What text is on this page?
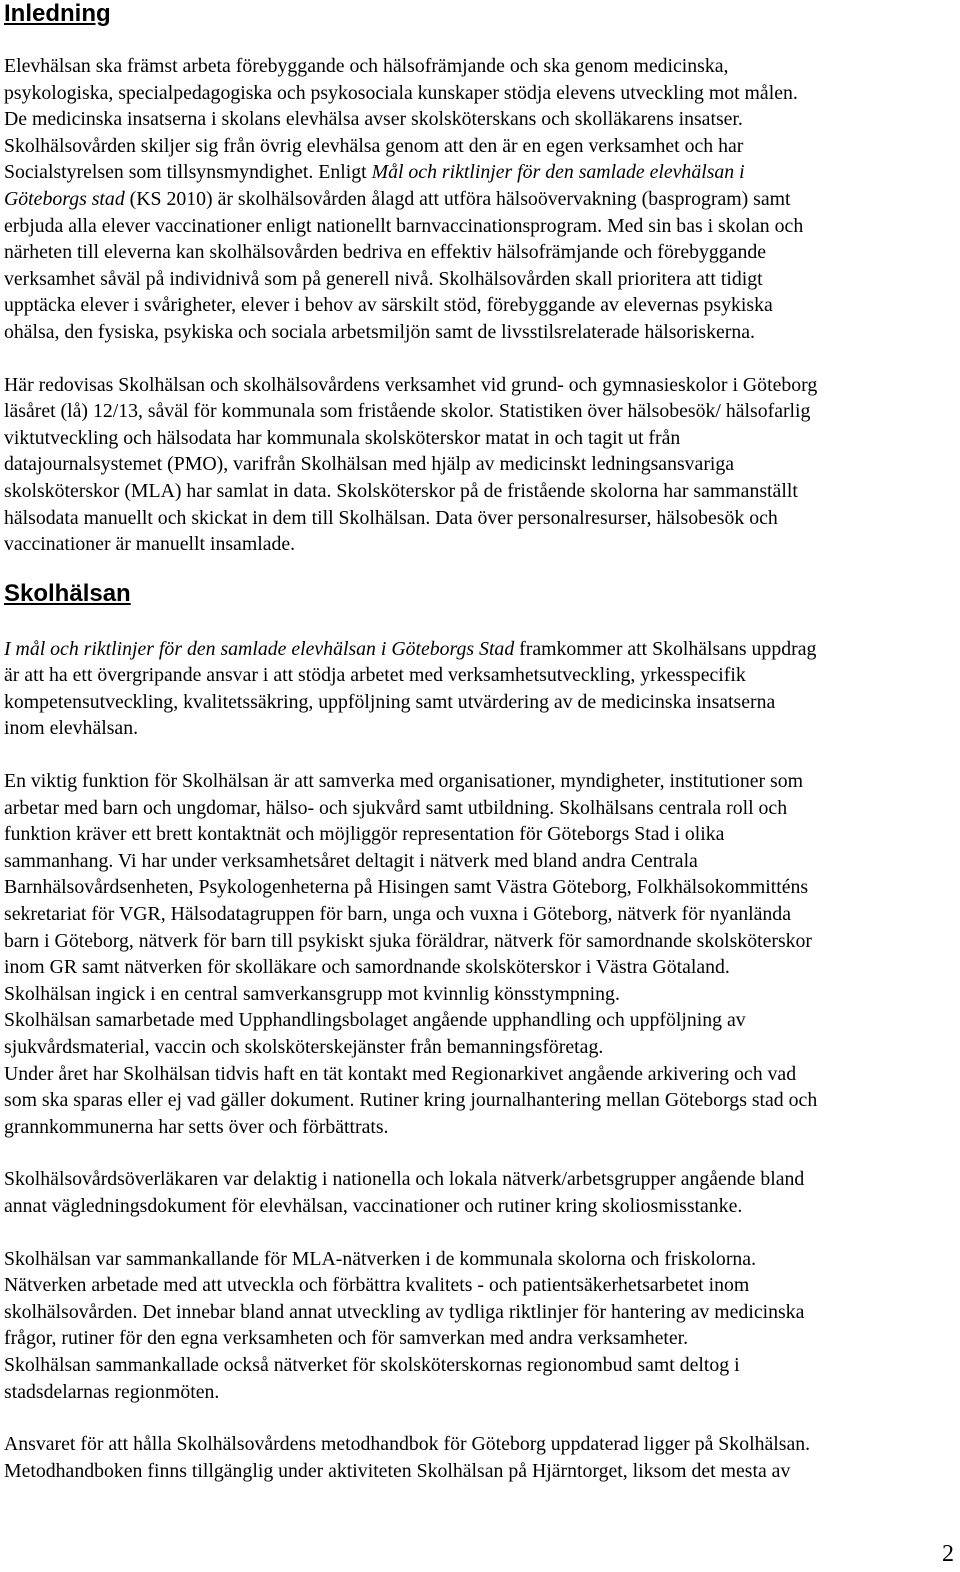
Inledning

Elevhälsan ska främst arbeta förebyggande och hälsofrämjande och ska genom medicinska,
psykologiska, specialpedagogiska och psykosociala kunskaper stödja elevens utveckling mot målen.
De medicinska insatserna i skolans elevhälsa avser skolsköterskans och skolläkarens insatser.
Skolhälsovården skiljer sig från övrig elevhälsa genom att den är en egen verksamhet och har
Socialstyrelsen som tillsynsmyndighet. Enligt Mål och riktlinjer för den samlade elevhälsan i
Göteborgs stad (KS 2010) är skolhälsovården ålagd att utföra hälsoövervakning (basprogram) samt
erbjuda alla elever vaccinationer enligt nationellt barnvaccinationsprogram. Med sin bas i skolan och
närheten till eleverna kan skolhälsovården bedriva en effektiv hälsofrämjande och förebyggande
verksamhet såväl på individnivå som på generell nivå. Skolhälsovården skall prioritera att tidigt
upptäcka elever i svårigheter, elever i behov av särskilt stöd, förebyggande av elevernas psykiska
ohälsa, den fysiska, psykiska och sociala arbetsmiljön samt de livsstilsrelaterade hälsoriskerna.

Här redovisas Skolhälsan och skolhälsovårdens verksamhet vid grund- och gymnasieskolor i Göteborg
läsåret (lå) 12/13, såväl för kommunala som fristående skolor. Statistiken över hälsobesök/ hälsofarlig
viktutveckling och hälsodata har kommunala skolsköterskor matat in och tagit ut från
datajournalsystemet (PMO), varifrån Skolhälsan med hjälp av medicinskt ledningsansvariga
skolsköterskor (MLA) har samlat in data. Skolsköterskor på de fristående skolorna har sammanställt
hälsodata manuellt och skickat in dem till Skolhälsan. Data över personalresurser, hälsobesök och
vaccinationer är manuellt insamlade.

Skolhälsan

I mål och riktlinjer för den samlade elevhälsan i Göteborgs Stad framkommer att Skolhälsans uppdrag
är att ha ett övergripande ansvar i att stödja arbetet med verksamhetsutveckling, yrkesspecifik
kompetensutveckling, kvalitetssäkring, uppföljning samt utvärdering av de medicinska insatserna
inom elevhälsan.

En viktig funktion för Skolhälsan är att samverka med organisationer, myndigheter, institutioner som
arbetar med barn och ungdomar, hälso- och sjukvård samt utbildning. Skolhälsans centrala roll och
funktion kräver ett brett kontaktnät och möjliggör representation för Göteborgs Stad i olika
sammanhang. Vi har under verksamhetsåret deltagit i nätverk med bland andra Centrala
Barnhälsovårdsenheten, Psykologenheterna på Hisingen samt Västra Göteborg, Folkhälsokommitténs
sekretariat för VGR, Hälsodatagruppen för barn, unga och vuxna i Göteborg, nätverk för nyanlända
barn i Göteborg, nätverk för barn till psykiskt sjuka föräldrar, nätverk för samordnande skolsköterskor
inom GR samt nätverken för skolläkare och samordnande skolsköterskor i Västra Götaland.
Skolhälsan ingick i en central samverkansgrupp mot kvinnlig könsstympning.
Skolhälsan samarbetade med Upphandlingsbolaget angående upphandling och uppföljning av
sjukvårdsmaterial, vaccin och skolsköterskejänster från bemanningsföretag.
Under året har Skolhälsan tidvis haft en tät kontakt med Regionarkivet angående arkivering och vad
som ska sparas eller ej vad gäller dokument. Rutiner kring journalhantering mellan Göteborgs stad och
grannkommunerna har setts över och förbättrats.

Skolhälsovårdsöverläkaren var delaktig i nationella och lokala nätverk/arbetsgrupper angående bland
annat vägledningsdokument för elevhälsan, vaccinationer och rutiner kring skoliosmisstanke.

Skolhälsan var sammankallande för MLA-nätverken i de kommunala skolorna och friskolorna.
Nätverken arbetade med att utveckla och förbättra kvalitets - och patientsäkerhetsarbetet inom
skolhälsovården. Det innebar bland annat utveckling av tydliga riktlinjer för hantering av medicinska
frågor, rutiner för den egna verksamheten och för samverkan med andra verksamheter.
Skolhälsan sammankallade också nätverket för skolsköterskornas regionombud samt deltog i
stadsdelarnas regionmöten.

Ansvaret för att hålla Skolhälsovårdens metodhandbok för Göteborg uppdaterad ligger på Skolhälsan.
Metodhandboken finns tillgänglig under aktiviteten Skolhälsan på Hjärntorget, liksom det mesta av

2
